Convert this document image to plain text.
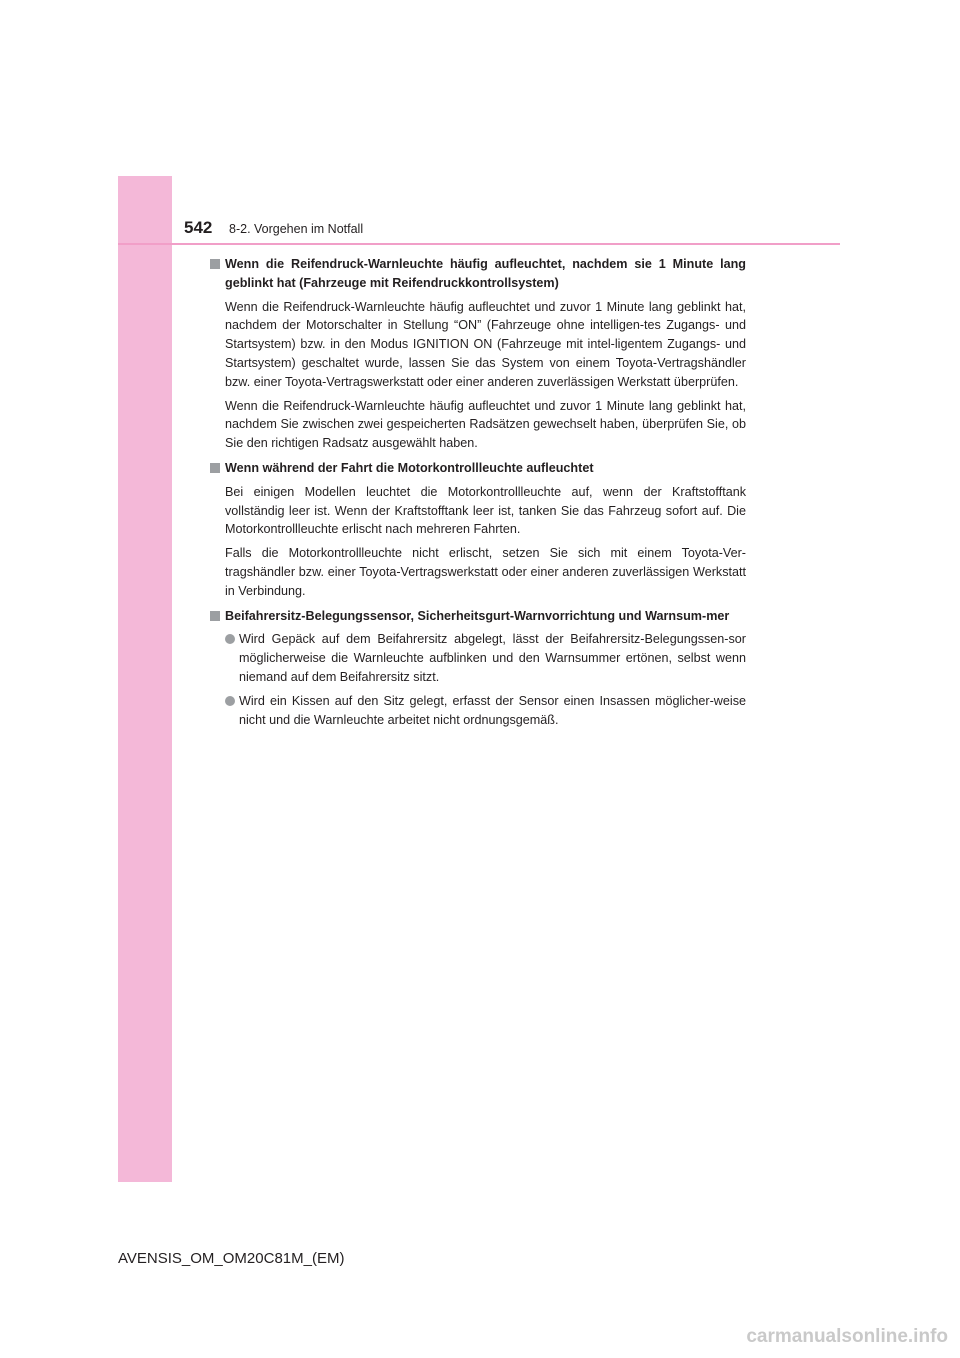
542 8-2. Vorgehen im Notfall
Wenn die Reifendruck-Warnleuchte häufig aufleuchtet, nachdem sie 1 Minute lang geblinkt hat (Fahrzeuge mit Reifendruckkontrollsystem)
Wenn die Reifendruck-Warnleuchte häufig aufleuchtet und zuvor 1 Minute lang geblinkt hat, nachdem der Motorschalter in Stellung “ON” (Fahrzeuge ohne intelligen-tes Zugangs- und Startsystem) bzw. in den Modus IGNITION ON (Fahrzeuge mit intel-ligentem Zugangs- und Startsystem) geschaltet wurde, lassen Sie das System von einem Toyota-Vertragshändler bzw. einer Toyota-Vertragswerkstatt oder einer anderen zuverlässigen Werkstatt überprüfen.
Wenn die Reifendruck-Warnleuchte häufig aufleuchtet und zuvor 1 Minute lang geblinkt hat, nachdem Sie zwischen zwei gespeicherten Radsätzen gewechselt haben, überprüfen Sie, ob Sie den richtigen Radsatz ausgewählt haben.
Wenn während der Fahrt die Motorkontrollleuchte aufleuchtet
Bei einigen Modellen leuchtet die Motorkontrollleuchte auf, wenn der Kraftstofftank vollständig leer ist. Wenn der Kraftstofftank leer ist, tanken Sie das Fahrzeug sofort auf. Die Motorkontrollleuchte erlischt nach mehreren Fahrten.
Falls die Motorkontrollleuchte nicht erlischt, setzen Sie sich mit einem Toyota-Ver-tragshändler bzw. einer Toyota-Vertragswerkstatt oder einer anderen zuverlässigen Werkstatt in Verbindung.
Beifahrersitz-Belegungssensor, Sicherheitsgurt-Warnvorrichtung und Warnsum-mer
Wird Gepäck auf dem Beifahrersitz abgelegt, lässt der Beifahrersitz-Belegungssen-sor möglicherweise die Warnleuchte aufblinken und den Warnsummer ertönen, selbst wenn niemand auf dem Beifahrersitz sitzt.
Wird ein Kissen auf den Sitz gelegt, erfasst der Sensor einen Insassen möglicher-weise nicht und die Warnleuchte arbeitet nicht ordnungsgemäß.
AVENSIS_OM_OM20C81M_(EM)
carmanualsonline.info
